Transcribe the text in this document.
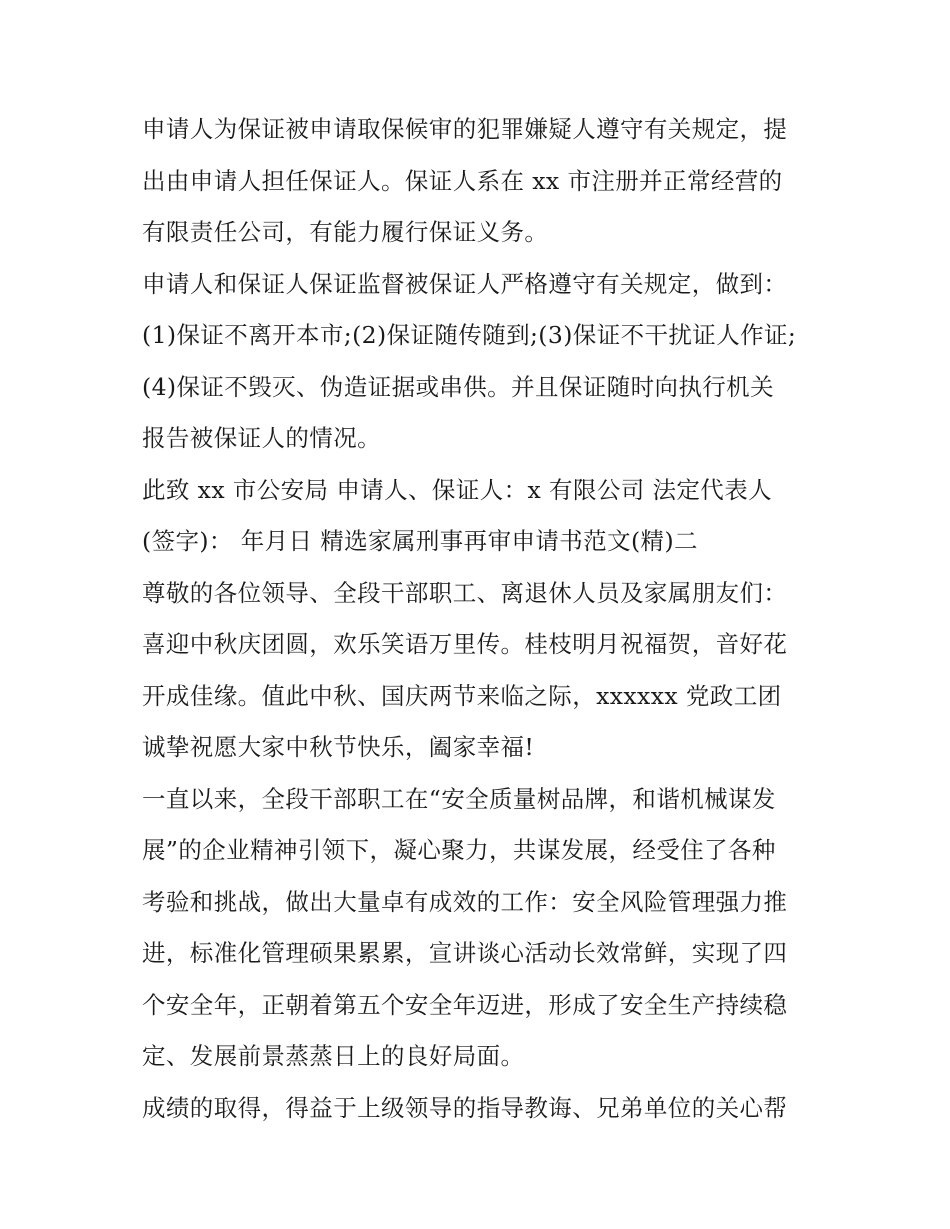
申请人为保证被申请取保候审的犯罪嫌疑人遵守有关规定，提
出由申请人担任保证人。保证人系在 xx 市注册并正常经营的
有限责任公司，有能力履行保证义务。
申请人和保证人保证监督被保证人严格遵守有关规定，做到：
(1)保证不离开本市;(2)保证随传随到;(3)保证不干扰证人作证;
(4)保证不毁灭、伪造证据或串供。并且保证随时向执行机关
报告被保证人的情况。
此致 xx 市公安局 申请人、保证人：x 有限公司 法定代表人
(签字)： 年月日 精选家属刑事再审申请书范文(精)二
尊敬的各位领导、全段干部职工、离退休人员及家属朋友们：
喜迎中秋庆团圆，欢乐笑语万里传。桂枝明月祝福贺，音好花
开成佳缘。值此中秋、国庆两节来临之际，xxxxxx 党政工团
诚挚祝愿大家中秋节快乐，阖家幸福!
一直以来，全段干部职工在“安全质量树品牌，和谐机械谋发
展”的企业精神引领下，凝心聚力，共谋发展，经受住了各种
考验和挑战，做出大量卓有成效的工作：安全风险管理强力推
进，标准化管理硕果累累，宣讲谈心活动长效常鲜，实现了四
个安全年，正朝着第五个安全年迈进，形成了安全生产持续稳
定、发展前景蒸蒸日上的良好局面。
成绩的取得，得益于上级领导的指导教诲、兄弟单位的关心帮
